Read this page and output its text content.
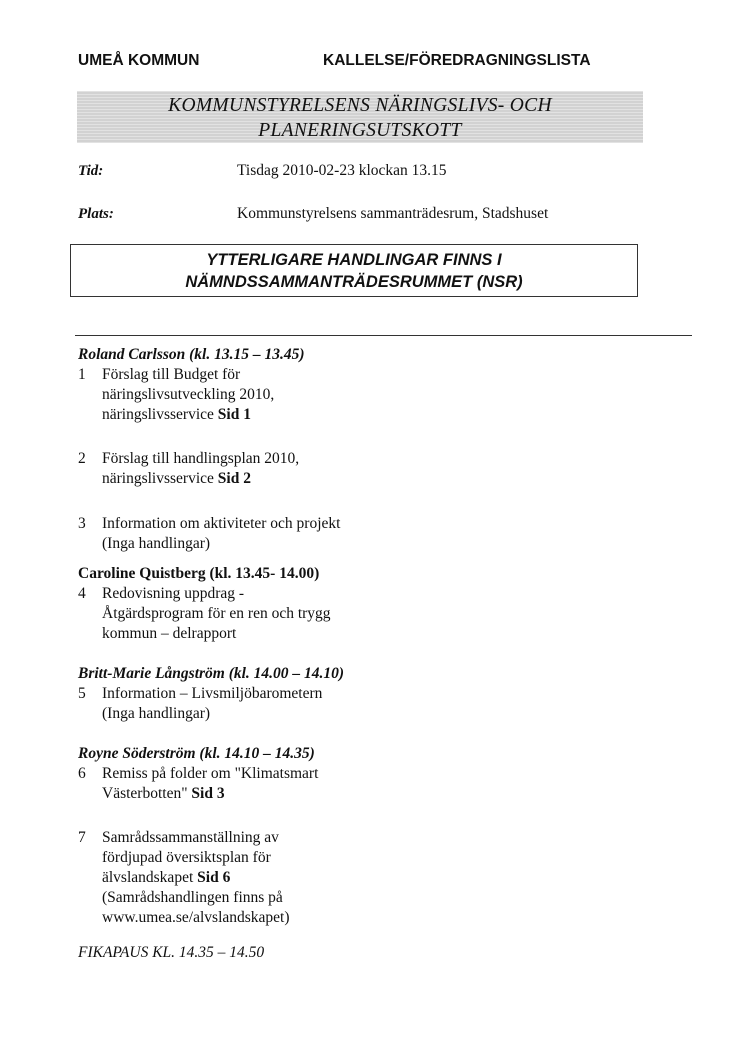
UMEÅ KOMMUN	KALLELSE/FÖREDRAGNINGSLISTA
KOMMUNSTYRELSENS NÄRINGSLIVS- OCH
PLANERINGSUTSKOTT
Tid:	Tisdag 2010-02-23 klockan 13.15
Plats:	Kommunstyrelsens sammanträdesrum, Stadshuset
YTTERLIGARE HANDLINGAR FINNS I
NÄMNDSSAMMANTRÄDESRUMMET (NSR)
Roland Carlsson (kl. 13.15 – 13.45)
1	Förslag till Budget för
näringslivsutveckling 2010,
näringslivsservice Sid 1
2	Förslag till handlingsplan 2010,
näringslivsservice Sid 2
3	Information om aktiviteter och projekt
(Inga handlingar)
Caroline Quistberg (kl. 13.45- 14.00)
4	Redovisning uppdrag -
Åtgärdsprogram för en ren och trygg
kommun – delrapport
Britt-Marie Långström (kl. 14.00 – 14.10)
5	Information – Livsmiljöbarometern
(Inga handlingar)
Royne Söderström (kl. 14.10 – 14.35)
6	Remiss på folder om "Klimatsmart
Västerbotten" Sid 3
7	Samrådssammanställning av
fördjupad översiktsplan för
älvslandskapet Sid 6
(Samrådshandlingen finns på
www.umea.se/alvslandskapet)
FIKAPAUS KL. 14.35 – 14.50
